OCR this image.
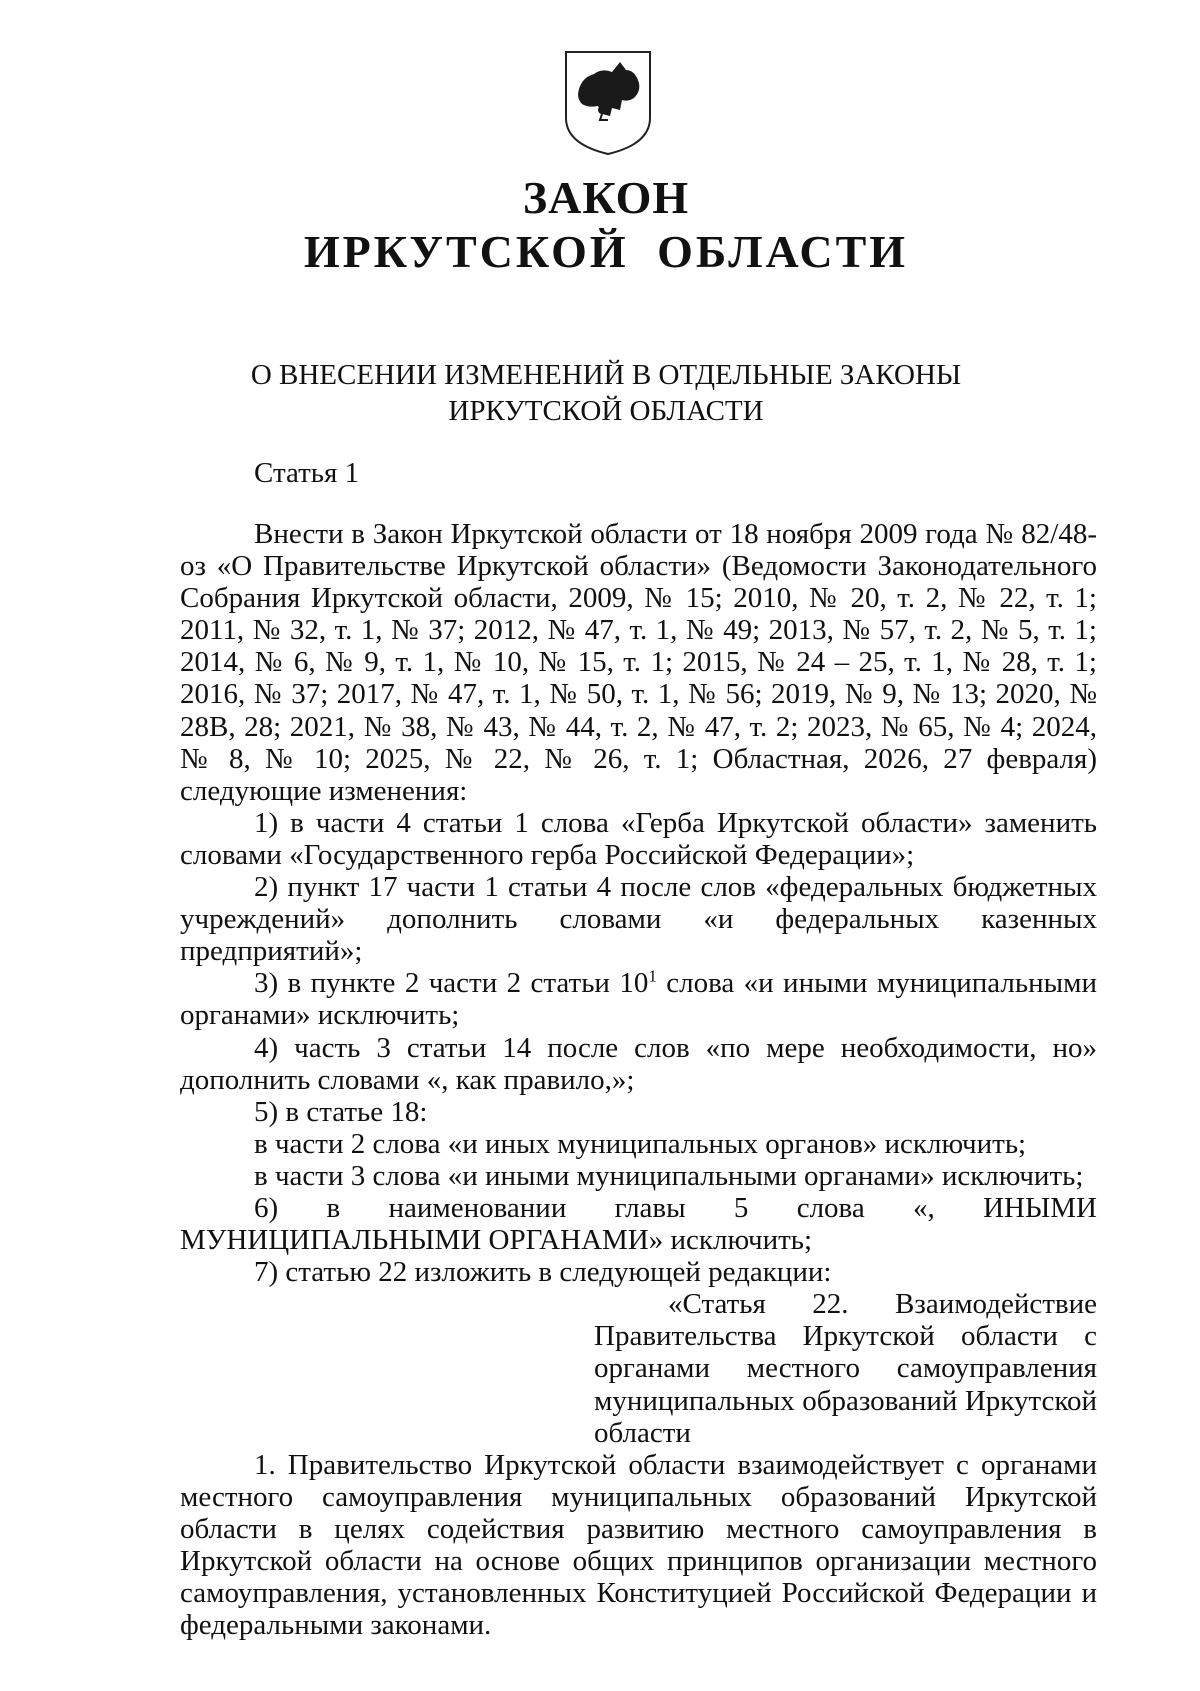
ЗАКОН
ИРКУТСКОЙ ОБЛАСТИ
О ВНЕСЕНИИ ИЗМЕНЕНИЙ В ОТДЕЛЬНЫЕ ЗАКОНЫ
ИРКУТСКОЙ ОБЛАСТИ
Статья 1

Внести в Закон Иркутской области от 18 ноября 2009 года № 82/48-оз «О Правительстве Иркутской области» (Ведомости Законодательного Собрания Иркутской области, 2009, № 15; 2010, № 20, т. 2, № 22, т. 1; 2011, № 32, т. 1, № 37; 2012, № 47, т. 1, № 49; 2013, № 57, т. 2, № 5, т. 1; 2014, № 6, № 9, т. 1, № 10, № 15, т. 1; 2015, № 24 – 25, т. 1, № 28, т. 1; 2016, № 37; 2017, № 47, т. 1, № 50, т. 1, № 56; 2019, № 9, № 13; 2020, № 28В, 28; 2021, № 38, № 43, № 44, т. 2, № 47, т. 2; 2023, № 65, № 4; 2024, № 8, № 10; 2025, № 22, № 26, т. 1; Областная, 2026, 27 февраля) следующие изменения:

1) в части 4 статьи 1 слова «Герба Иркутской области» заменить словами «Государственного герба Российской Федерации»;

2) пункт 17 части 1 статьи 4 после слов «федеральных бюджетных учреждений» дополнить словами «и федеральных казенных предприятий»;

3) в пункте 2 части 2 статьи $10^1$ слова «и иными муниципальными органами» исключить;

4) часть 3 статьи 14 после слов «по мере необходимости, но» дополнить словами «, как правило,»;

5) в статье 18:

в части 2 слова «и иных муниципальных органов» исключить;

в части 3 слова «и иными муниципальными органами» исключить;

6) в наименовании главы 5 слова «, ИНЫМИ МУНИЦИПАЛЬНЫМИ ОРГАНАМИ» исключить;

7) статью 22 изложить в следующей редакции:

«Статья 22. Взаимодействие Правительства Иркутской области с органами местного самоуправления муниципальных образований Иркутской области

1. Правительство Иркутской области взаимодействует с органами местного самоуправления муниципальных образований Иркутской области в целях содействия развитию местного самоуправления в Иркутской области на основе общих принципов организации местного самоуправления, установленных Конституцией Российской Федерации и федеральными законами.
